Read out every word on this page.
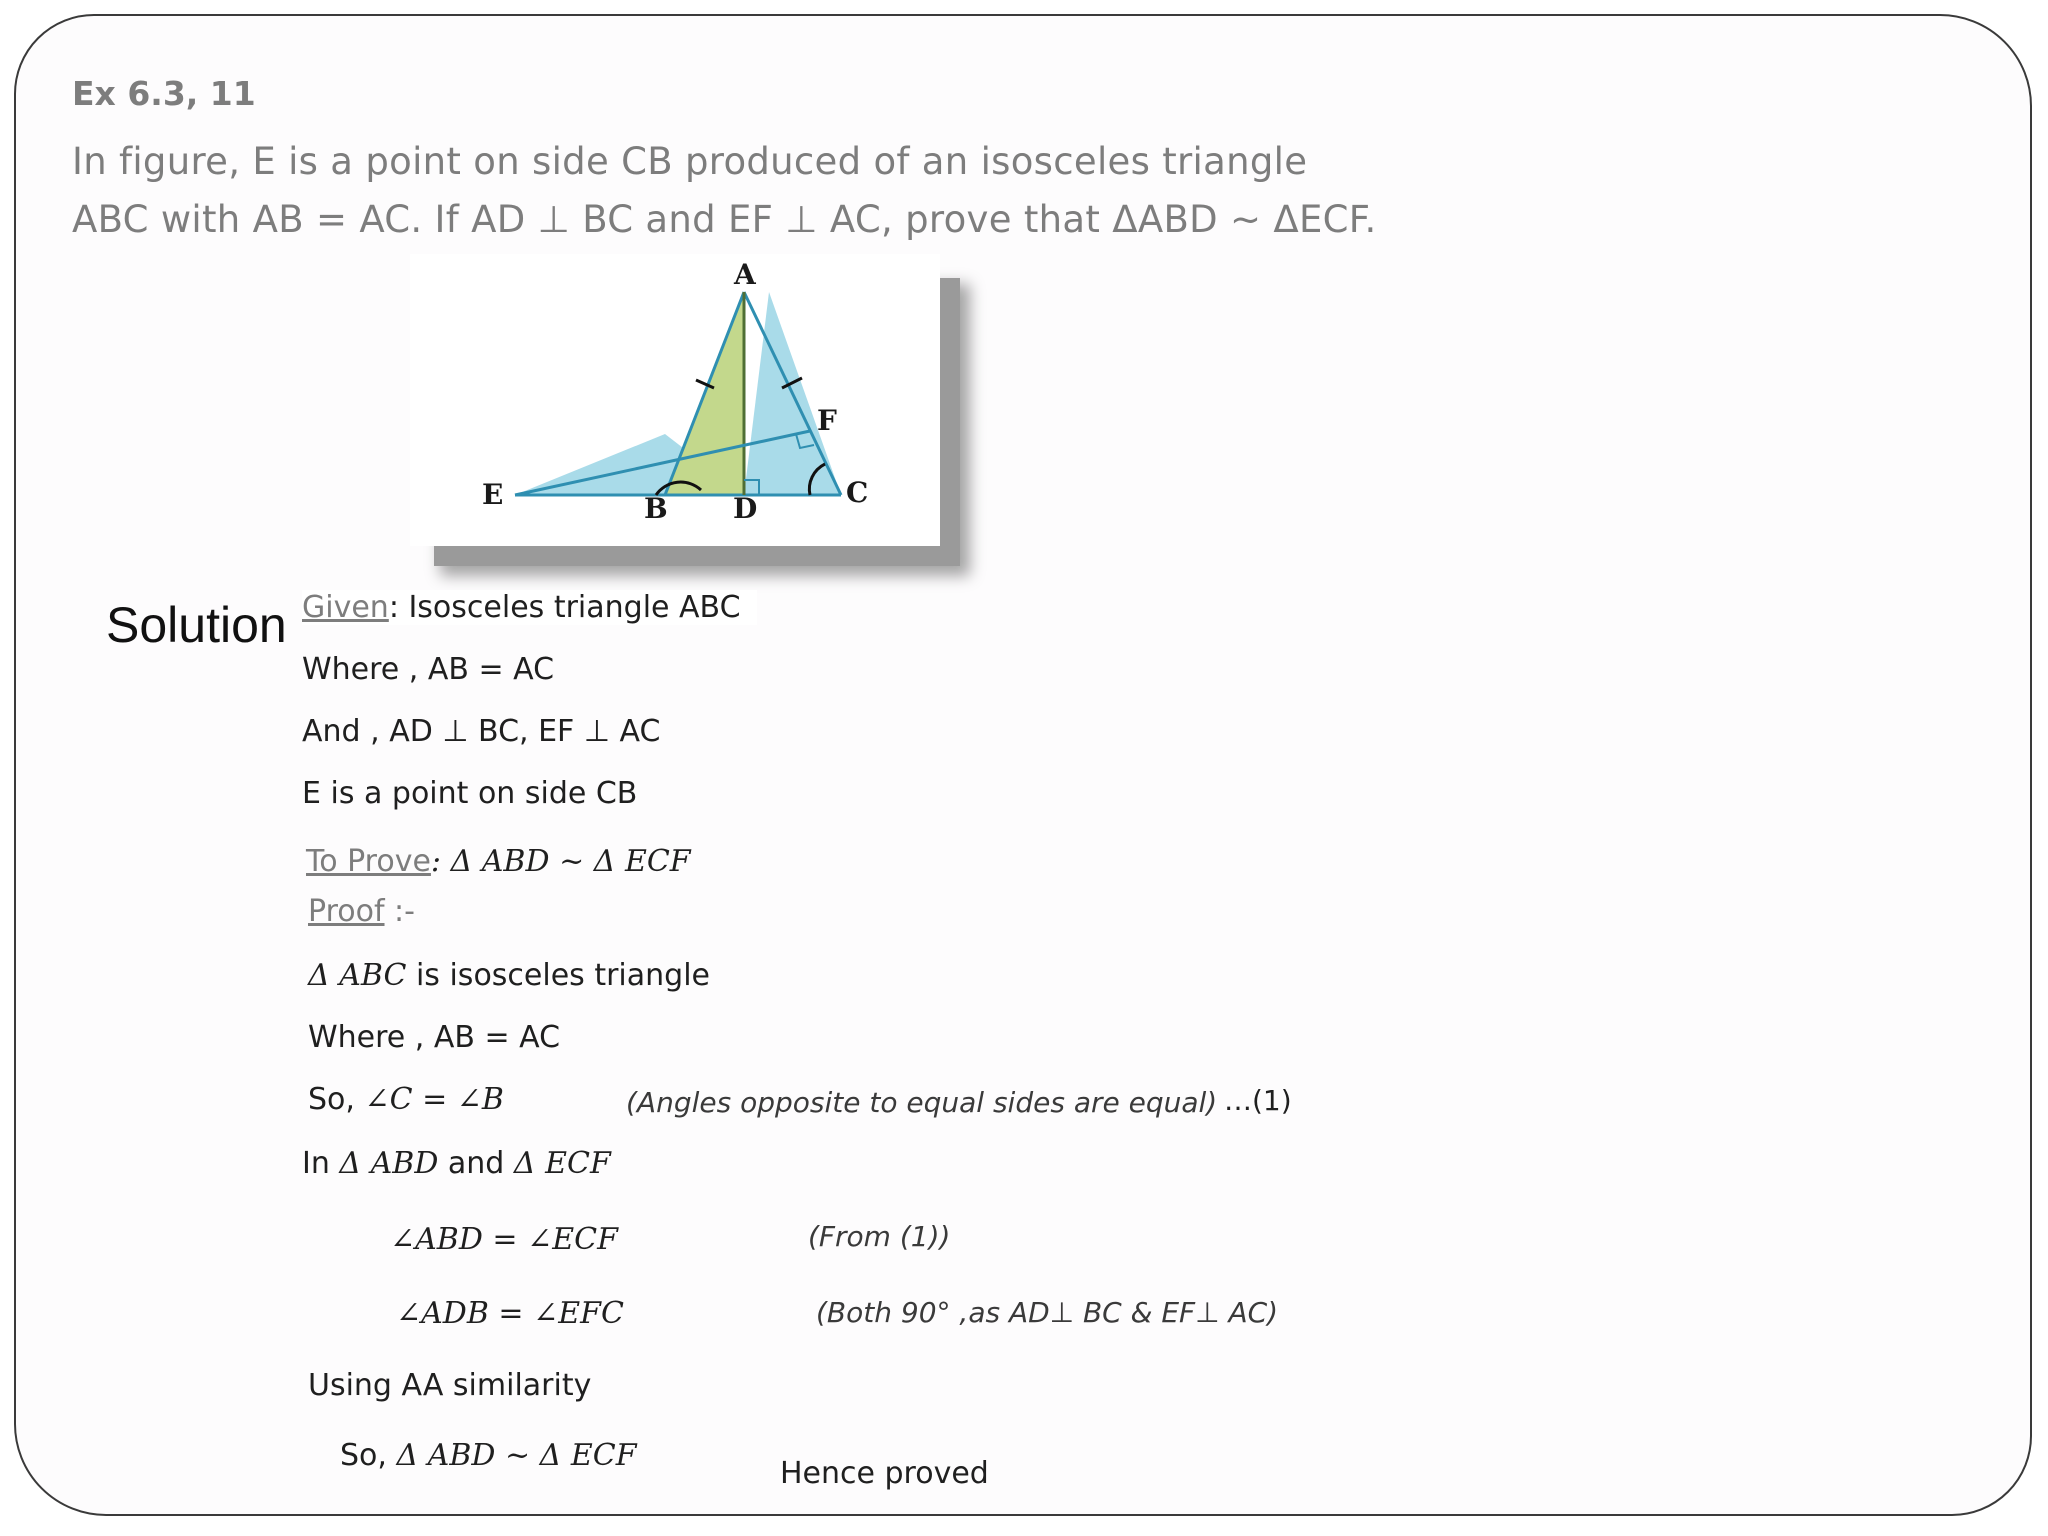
Ex 6.3, 11
In figure, E is a point on side CB produced of an isosceles triangle
ABC with AB = AC. If AD ⊥ BC and EF ⊥ AC, prove that ΔABD ~ ΔECF.
A
B	C
D
E
F
Solution Given: Isosceles triangle ABC
Where , AB = AC
And , AD ⊥ BC, EF ⊥ AC
E is a point on side CB
To Prove: Δ ABD ~ Δ ECF
Proof :-
Δ ABC is isosceles triangle
Where , AB = AC
So, ∠C = ∠B	(Angles opposite to equal sides are equal) …(1)
In Δ ABD and Δ ECF
∠ABD = ∠ECF	(From (1))
∠ADB = ∠EFC	(Both 90° ,as AD⊥ BC & EF⊥ AC)
Using AA similarity
So, Δ ABD ~ Δ ECF
Hence proved
